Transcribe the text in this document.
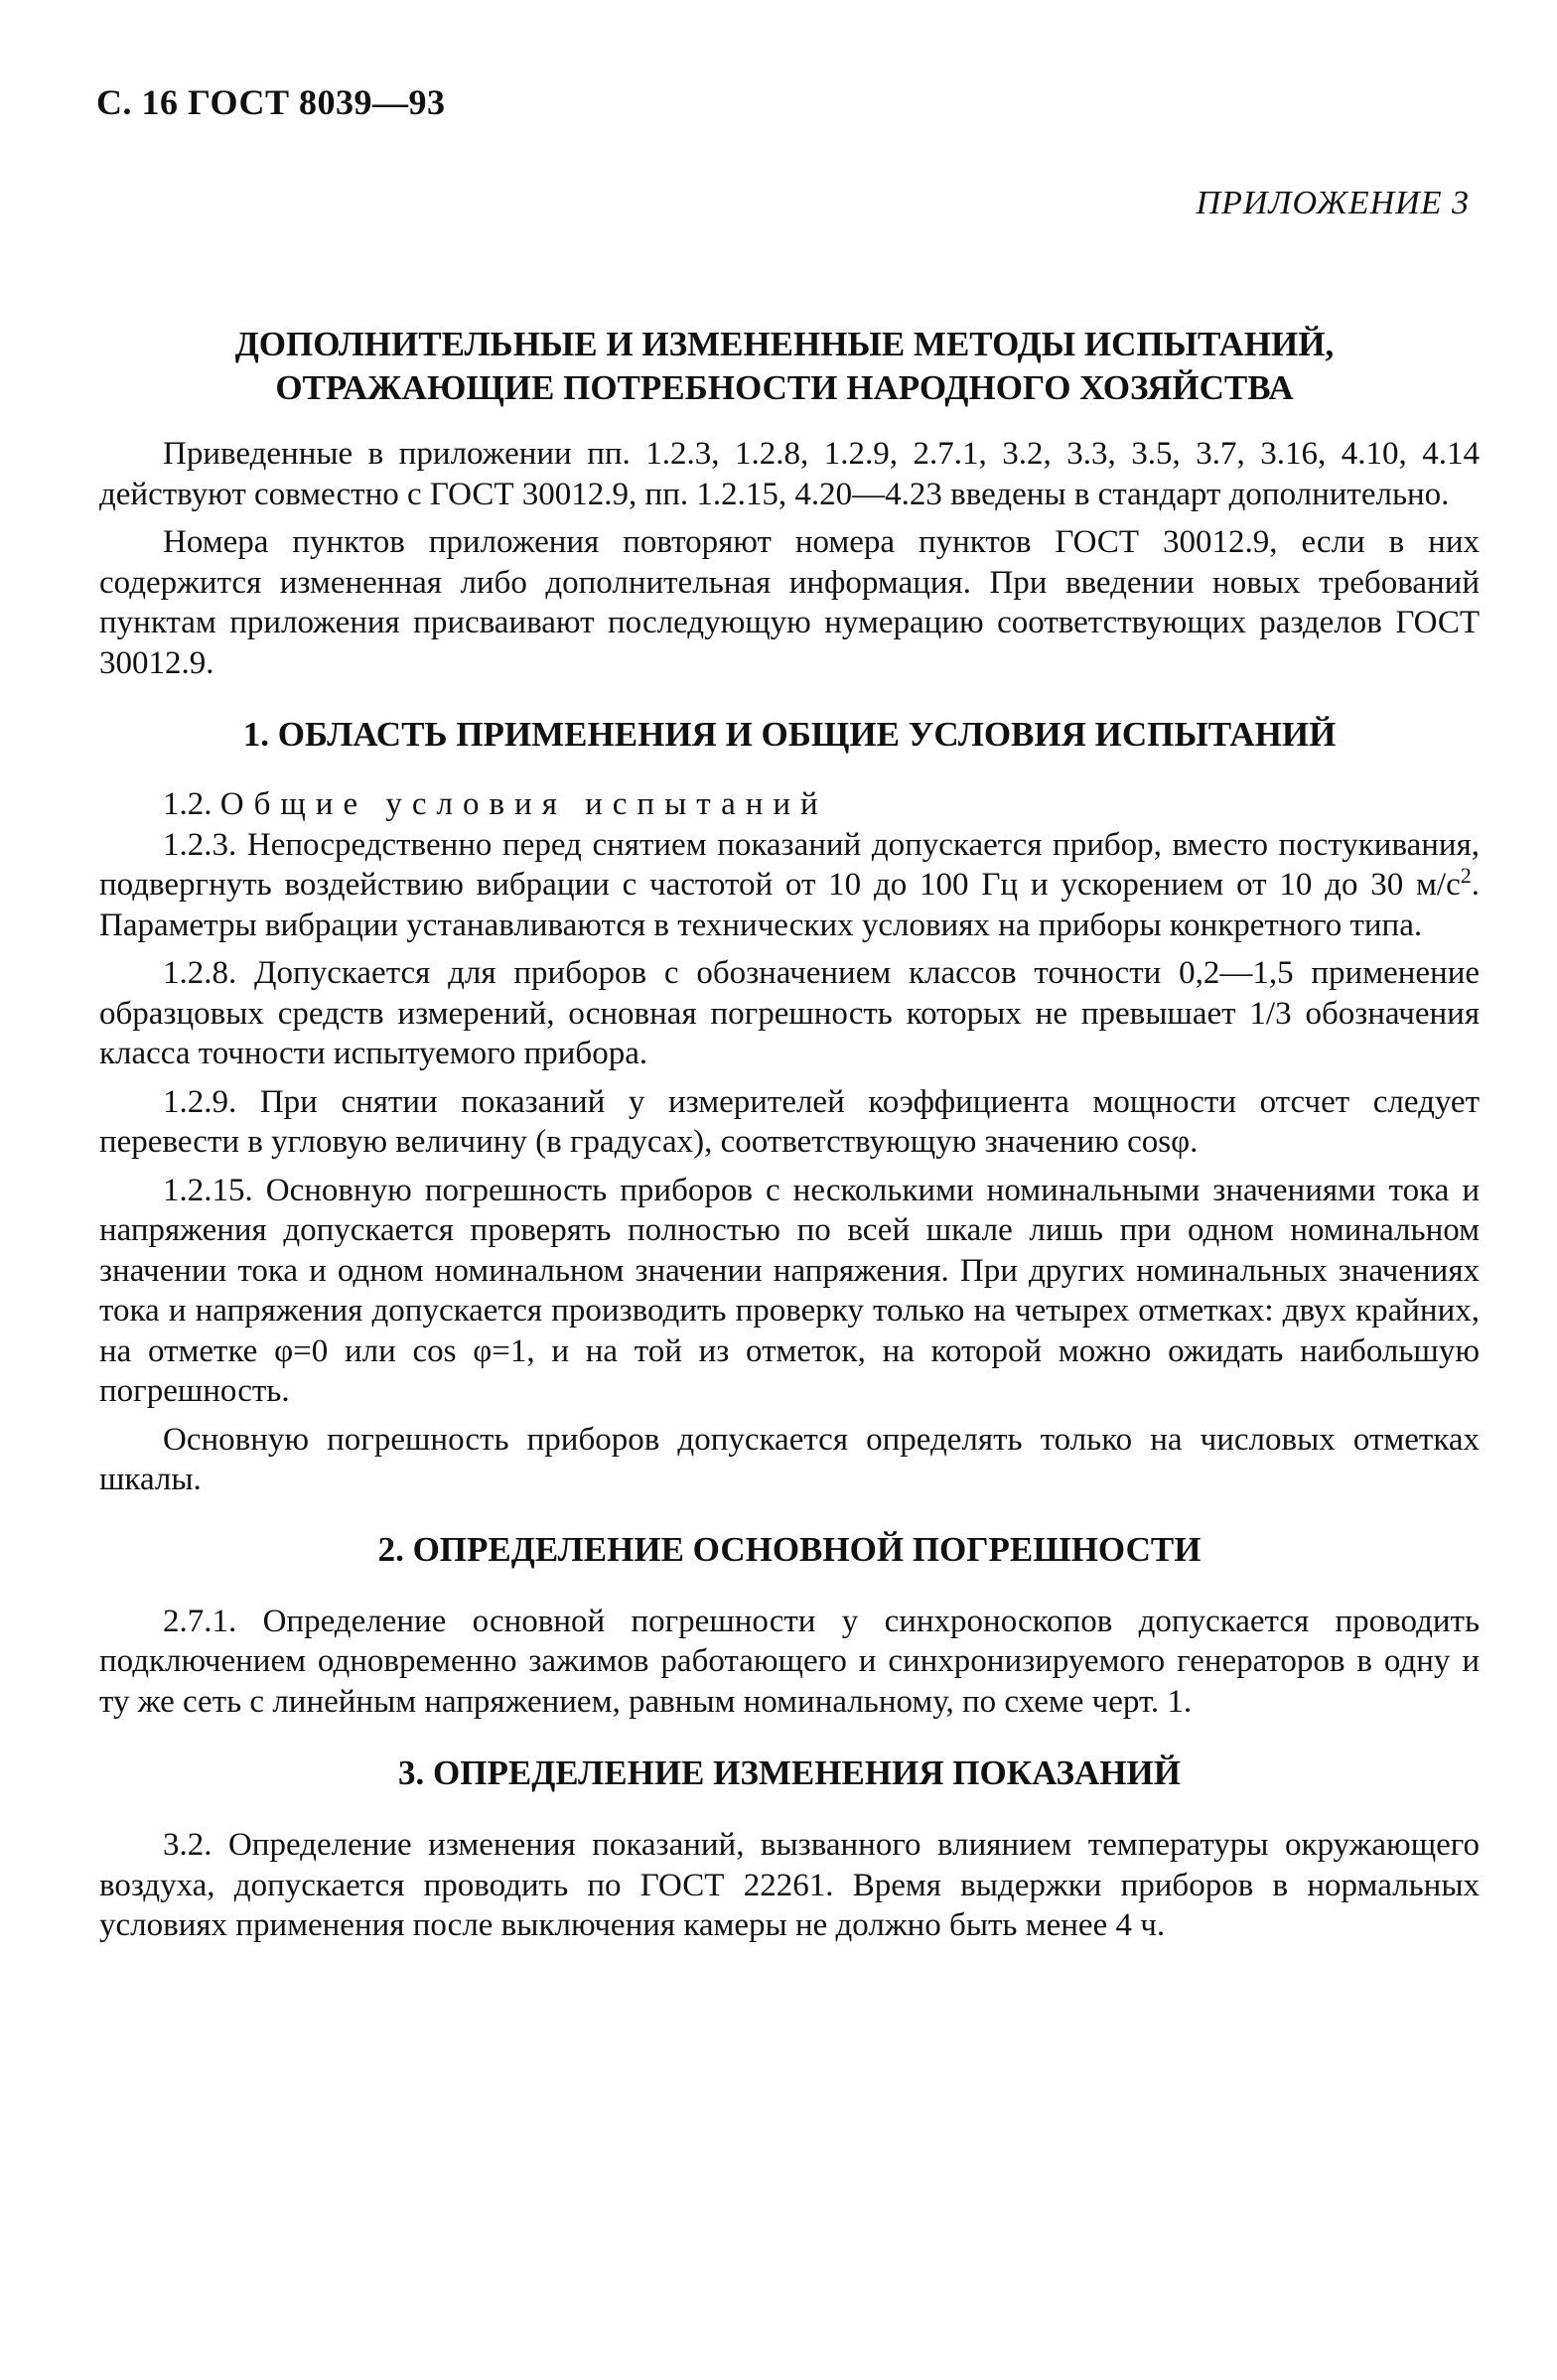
С. 16 ГОСТ 8039—93
ПРИЛОЖЕНИЕ 3
ДОПОЛНИТЕЛЬНЫЕ И ИЗМЕНЕННЫЕ МЕТОДЫ ИСПЫТАНИЙ,
ОТРАЖАЮЩИЕ ПОТРЕБНОСТИ НАРОДНОГО ХОЗЯЙСТВА

Приведенные в приложении пп. 1.2.3, 1.2.8, 1.2.9, 2.7.1, 3.2, 3.3, 3.5, 3.7, 3.16, 4.10, 4.14 действуют совместно с ГОСТ 30012.9, пп. 1.2.15, 4.20—4.23 введены в стандарт дополнительно.

Номера пунктов приложения повторяют номера пунктов ГОСТ 30012.9, если в них содержится измененная либо дополнительная информация. При введении новых требований пунктам приложения присваивают последующую нумерацию соответствующих разделов ГОСТ 30012.9.

1. ОБЛАСТЬ ПРИМЕНЕНИЯ И ОБЩИЕ УСЛОВИЯ ИСПЫТАНИЙ

1.2. Общие условия испытаний

1.2.3. Непосредственно перед снятием показаний допускается прибор, вместо постукивания, подвергнуть воздействию вибрации с частотой от 10 до 100 Гц и ускорением от 10 до 30 $м/с^2$. Параметры вибрации устанавливаются в технических условиях на приборы конкретного типа.

1.2.8. Допускается для приборов с обозначением классов точности 0,2—1,5 применение образцовых средств измерений, основная погрешность которых не превышает 1/3 обозначения класса точности испытуемого прибора.

1.2.9. При снятии показаний у измерителей коэффициента мощности отсчет следует перевести в угловую величину (в градусах), соответствующую значению cosφ.

1.2.15. Основную погрешность приборов с несколькими номинальными значениями тока и напряжения допускается проверять полностью по всей шкале лишь при одном номинальном значении тока и одном номинальном значении напряжения. При других номинальных значениях тока и напряжения допускается производить проверку только на четырех отметках: двух крайних, на отметке φ=0 или cos φ=1, и на той из отметок, на которой можно ожидать наибольшую погрешность.

Основную погрешность приборов допускается определять только на числовых отметках шкалы.

2. ОПРЕДЕЛЕНИЕ ОСНОВНОЙ ПОГРЕШНОСТИ

2.7.1. Определение основной погрешности у синхроноскопов допускается проводить подключением одновременно зажимов работающего и синхронизируемого генераторов в одну и ту же сеть с линейным напряжением, равным номинальному, по схеме черт. 1.

3. ОПРЕДЕЛЕНИЕ ИЗМЕНЕНИЯ ПОКАЗАНИЙ

3.2. Определение изменения показаний, вызванного влиянием температуры окружающего воздуха, допускается проводить по ГОСТ 22261. Время выдержки приборов в нормальных условиях применения после выключения камеры не должно быть менее 4 ч.
